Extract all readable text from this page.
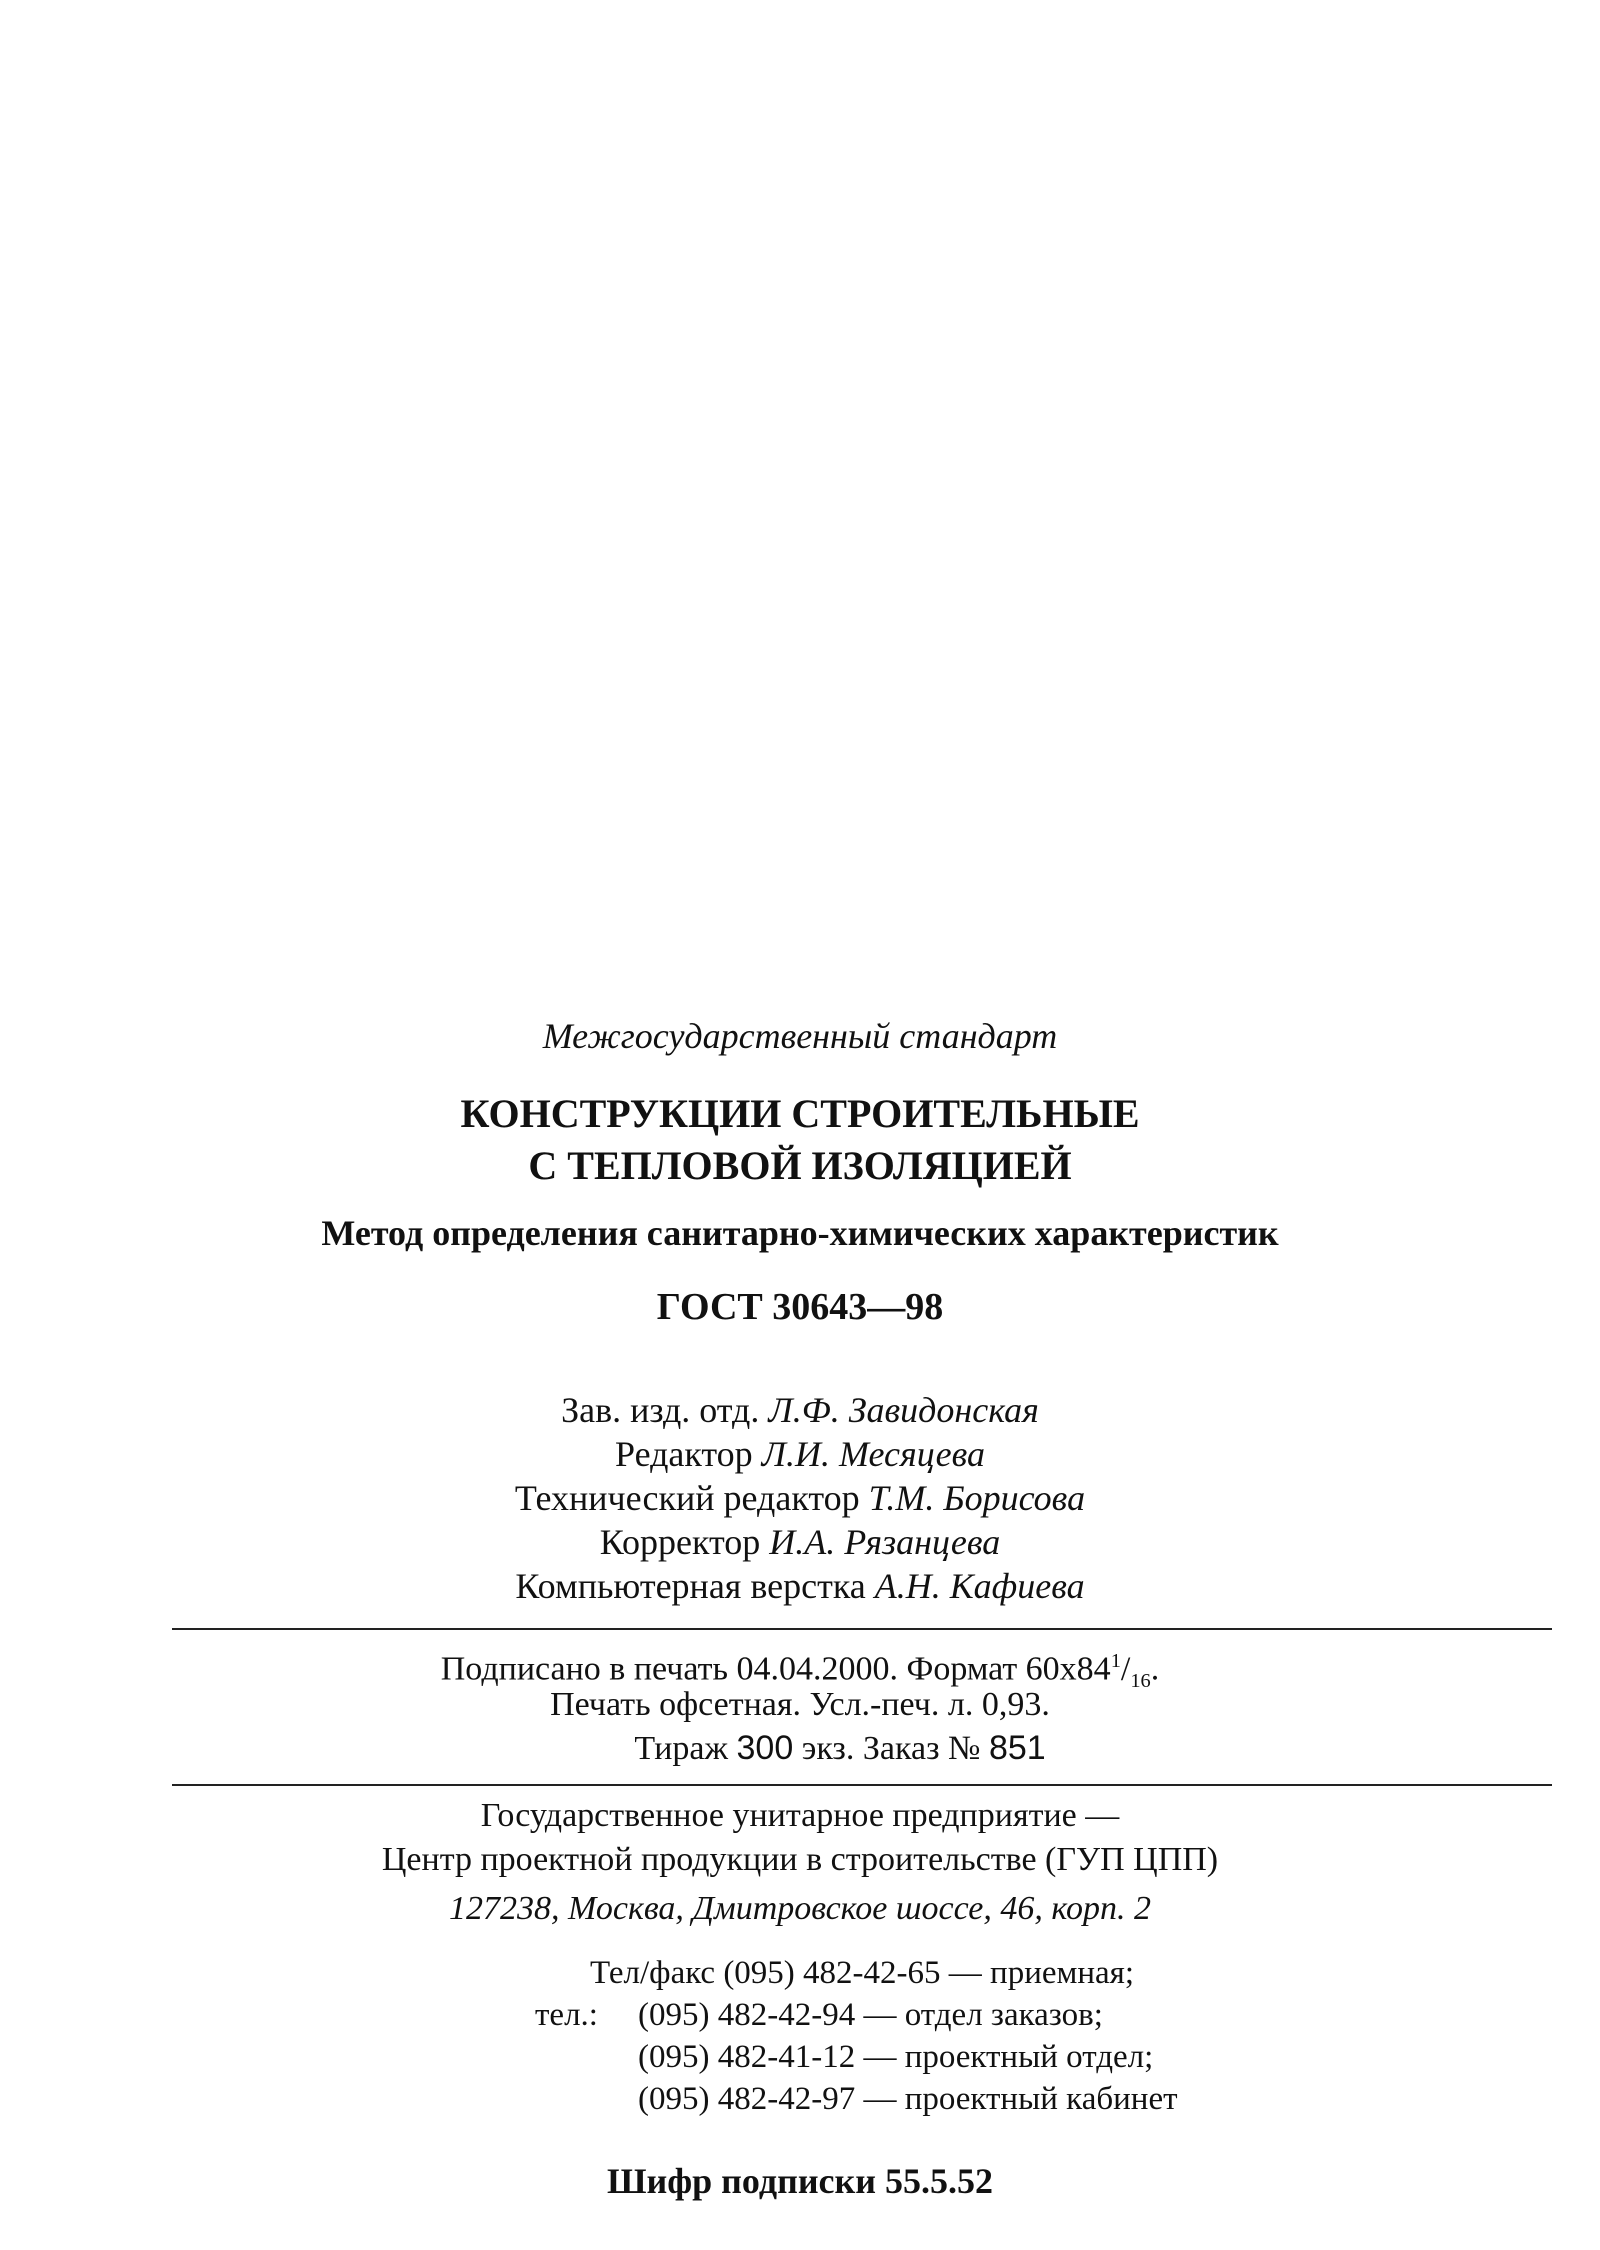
Межгосударственный стандарт
КОНСТРУКЦИИ СТРОИТЕЛЬНЫЕ
С ТЕПЛОВОЙ ИЗОЛЯЦИЕЙ
Метод определения санитарно-химических характеристик
ГОСТ 30643—98
Зав. изд. отд. Л.Ф. Завидонская
Редактор Л.И. Месяцева
Технический редактор Т.М. Борисова
Корректор И.А. Рязанцева
Компьютерная верстка А.Н. Кафиева
Подписано в печать 04.04.2000. Формат $60х84^1/_{16}$.
Печать офсетная. Усл.-печ. л. 0,93.
Тираж 300 экз. Заказ № 851
Государственное унитарное предприятие —
Центр проектной продукции в строительстве (ГУП ЦПП)
127238, Москва, Дмитровское шоссе, 46, корп. 2
Тел/факс (095) 482-42-65 — приемная;
тел.: (095) 482-42-94 — отдел заказов;
(095) 482-41-12 — проектный отдел;
(095) 482-42-97 — проектный кабинет
Шифр подписки 55.5.52
